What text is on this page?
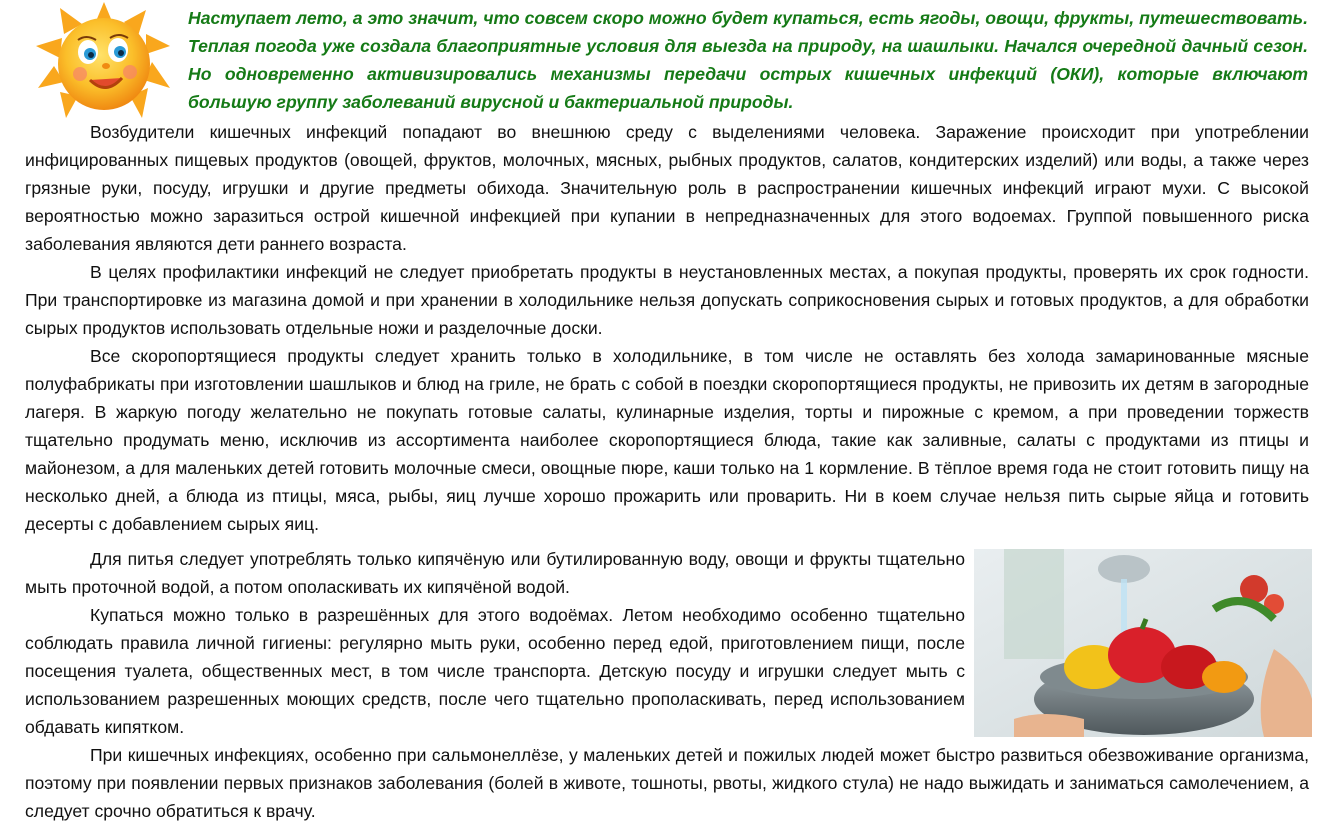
Наступает лето, а это значит, что совсем скоро можно будет купаться, есть ягоды, овощи, фрукты, путешествовать. Теплая погода уже создала благоприятные условия для выезда на природу, на шашлыки. Начался очередной дачный сезон. Но одновременно активизировались механизмы передачи острых кишечных инфекций (ОКИ), которые включают большую группу заболеваний вирусной и бактериальной природы.

Возбудители кишечных инфекций попадают во внешнюю среду с выделениями человека. Заражение происходит при употреблении инфицированных пищевых продуктов (овощей, фруктов, молочных, мясных, рыбных продуктов, салатов, кондитерских изделий) или воды, а также через грязные руки, посуду, игрушки и другие предметы обихода. Значительную роль в распространении кишечных инфекций играют мухи. С высокой вероятностью можно заразиться острой кишечной инфекцией при купании в непредназначенных для этого водоемах. Группой повышенного риска заболевания являются дети раннего возраста.

В целях профилактики инфекций не следует приобретать продукты в неустановленных местах, а покупая продукты, проверять их срок годности. При транспортировке из магазина домой и при хранении в холодильнике нельзя допускать соприкосновения сырых и готовых продуктов, а для обработки сырых продуктов использовать отдельные ножи и разделочные доски.

Все скоропортящиеся продукты следует хранить только в холодильнике, в том числе не оставлять без холода замаринованные мясные полуфабрикаты при изготовлении шашлыков и блюд на гриле, не брать с собой в поездки скоропортящиеся продукты, не привозить их детям в загородные лагеря. В жаркую погоду желательно не покупать готовые салаты, кулинарные изделия, торты и пирожные с кремом, а при проведении торжеств тщательно продумать меню, исключив из ассортимента наиболее скоропортящиеся блюда, такие как заливные, салаты с продуктами из птицы и майонезом, а для маленьких детей готовить молочные смеси, овощные пюре, каши только на 1 кормление. В тёплое время года не стоит готовить пищу на несколько дней, а блюда из птицы, мяса, рыбы, яиц лучше хорошо прожарить или проварить. Ни в коем случае нельзя пить сырые яйца и готовить десерты с добавлением сырых яиц.

Для питья следует употреблять только кипячёную или бутилированную воду, овощи и фрукты тщательно мыть проточной водой, а потом ополаскивать их кипячёной водой.

Купаться можно только в разрешённых для этого водоёмах. Летом необходимо особенно тщательно соблюдать правила личной гигиены: регулярно мыть руки, особенно перед едой, приготовлением пищи, после посещения туалета, общественных мест, в том числе транспорта. Детскую посуду и игрушки следует мыть с использованием разрешенных моющих средств, после чего тщательно прополаскивать, перед использованием обдавать кипятком.

При кишечных инфекциях, особенно при сальмонеллёзе, у маленьких детей и пожилых людей может быстро развиться обезвоживание организма, поэтому при появлении первых признаков заболевания (болей в животе, тошноты, рвоты, жидкого стула) не надо выжидать и заниматься самолечением, а следует срочно обратиться к врачу.
